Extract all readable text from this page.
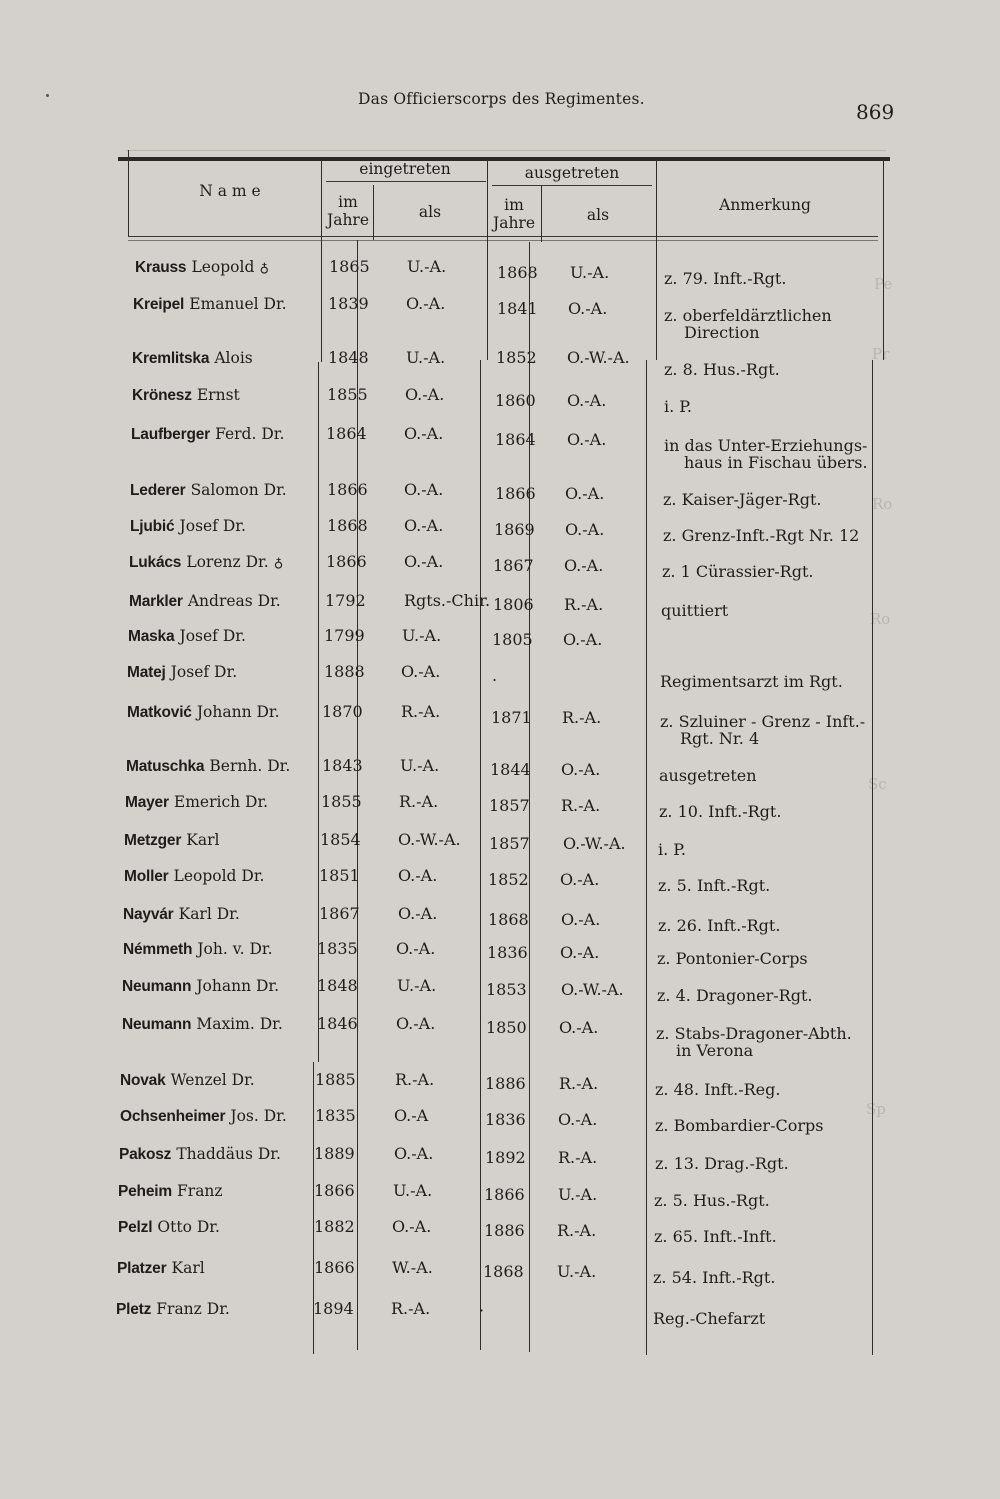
Das Officierscorps des Regimentes.
869
N a m e
eingetreten	ausgetreten
im
Jahre	als	im
Jahre	als
Anmerkung
Pe
Pr
Ro
Ro
Sc
Sp
Krauss Leopold ♁	1865 U.-A.	1868 U.-A.	z. 79. Inft.-Rgt.
Kreipel Emanuel Dr.	1839 O.-A.	1841 O.-A.	z. oberfeldärztlichen
Direction
Kremlitska Alois	1848 U.-A.	1852 O.-W.-A.
z. 8. Hus.-Rgt.
Krönesz Ernst	1855 O.-A.	1860 O.-A.	i. P.
Laufberger Ferd. Dr.	1864 O.-A.	1864 O.-A.	in das Unter-Erziehungs-
haus in Fischau übers.
Lederer Salomon Dr.	1866 O.-A.	1866 O.-A.	z. Kaiser-Jäger-Rgt.
Ljubić Josef Dr.	1868 O.-A.	1869 O.-A.	z. Grenz-Inft.-Rgt Nr. 12
Lukács Lorenz Dr. ♁	1866 O.-A.	1867 O.-A.	z. 1 Cürassier-Rgt.
Markler Andreas Dr.	1792 Rgts.-Chir. 1806 R.-A.	quittiert
Maska Josef Dr.	1799 U.-A.	1805 O.-A.
Matej Josef Dr.	1888 O.-A.	.	Regimentsarzt im Rgt.
Matković Johann Dr.	1870 R.-A.	1871 R.-A.	z. Szluiner - Grenz - Inft.-
Rgt. Nr. 4
Matuschka Bernh. Dr. 1843 U.-A.	1844 O.-A.	ausgetreten
Mayer Emerich Dr.	1855 R.-A.	1857 R.-A.	z. 10. Inft.-Rgt.
Metzger Karl	1854 O.-W.-A. 1857 O.-W.-A. i. P.
Moller Leopold Dr.	1851 O.-A.	1852 O.-A.	z. 5. Inft.-Rgt.
Nayvár Karl Dr.	1867 O.-A.	1868 O.-A.	z. 26. Inft.-Rgt.
Némmeth Joh. v. Dr.	1835 O.-A.	1836 O.-A.	z. Pontonier-Corps
Neumann Johann Dr. 1848 U.-A.	1853 O.-W.-A. z. 4. Dragoner-Rgt.
Neumann Maxim. Dr. 1846 O.-A.	1850 O.-A.	z. Stabs-Dragoner-Abth.
in Verona
Novak Wenzel Dr.	1885 R.-A.	1886 R.-A.	z. 48. Inft.-Reg.
Ochsenheimer Jos. Dr. 1835 O.-A	1836 O.-A.	z. Bombardier-Corps
Pakosz Thaddäus Dr. 1889 O.-A.	1892 R.-A.	z. 13. Drag.-Rgt.
Peheim Franz	1866 U.-A.	1866 U.-A.	z. 5. Hus.-Rgt.
Pelzl Otto Dr.	1882 O.-A.	1886 R.-A.	z. 65. Inft.-Inft.
Platzer Karl	1866 W.-A.	1868 U.-A.	z. 54. Inft.-Rgt.
Pletz Franz Dr.	1894 R.-A.	·	Reg.-Chefarzt
